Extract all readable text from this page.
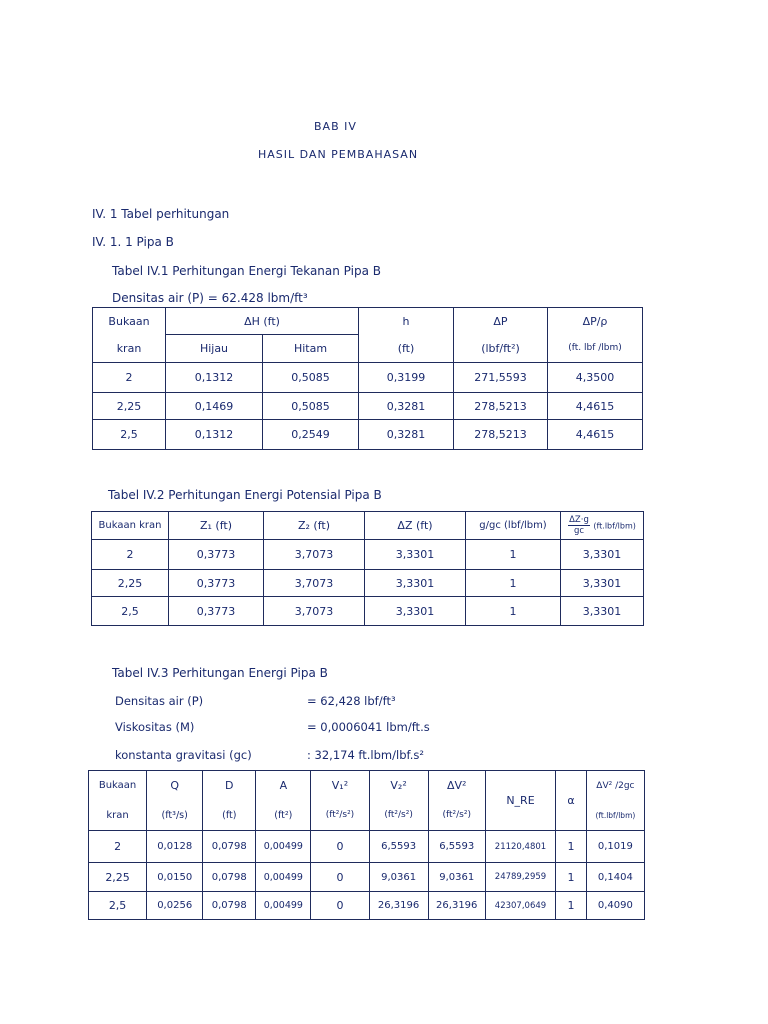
BAB IV
HASIL DAN PEMBAHASAN
IV. 1 Tabel perhitungan
IV. 1. 1 Pipa B
Tabel IV.1 Perhitungan Energi Tekanan Pipa B
Densitas air (P) = 62.428 lbm/ft³
Bukaan	ΔH (ft)		h	ΔP	ΔP/ρ
kran	Hijau	Hitam	(ft)	(lbf/ft²)	(ft. lbf /lbm)
2	0,1312	0,5085	0,3199	271,5593	4,3500
2,25	0,1469	0,5085	0,3281	278,5213	4,4615
2,5	0,1312	0,2549	0,3281	278,5213	4,4615
Tabel IV.2 Perhitungan Energi Potensial Pipa B
Bukaan kran	Z₁ (ft)	Z₂ (ft)	ΔZ (ft)	g/gc (lbf/lbm)	$\frac{\Delta Z\cdot g}{gc} (ft.lbf/lbm)$
2	0,3773	3,7073	3,3301	1	3,3301
2,25	0,3773	3,7073	3,3301	1	3,3301
2,5	0,3773	3,7073	3,3301	1	3,3301
Tabel IV.3 Perhitungan Energi Pipa B
Densitas air (P)	= 62,428 lbf/ft³
Viskositas (M)	= 0,0006041 lbm/ft.s
konstanta gravitasi (gc)	: 32,174 ft.lbm/lbf.s²
Bukaan	Q	D	A	V₁²	V₂²	ΔV²	N_RE	α	ΔV² /2gc
kran	(ft³/s)	(ft)	(ft²)	(ft²/s²)	(ft²/s²)	(ft²/s²)			(ft.lbf/lbm)
2	0,0128	0,0798	0,00499	0	6,5593	6,5593	21120,4801	1	0,1019
2,25	0,0150	0,0798	0,00499	0	9,0361	9,0361	24789,2959	1	0,1404
2,5	0,0256	0,0798	0,00499	0	26,3196	26,3196	42307,0649	1	0,4090
